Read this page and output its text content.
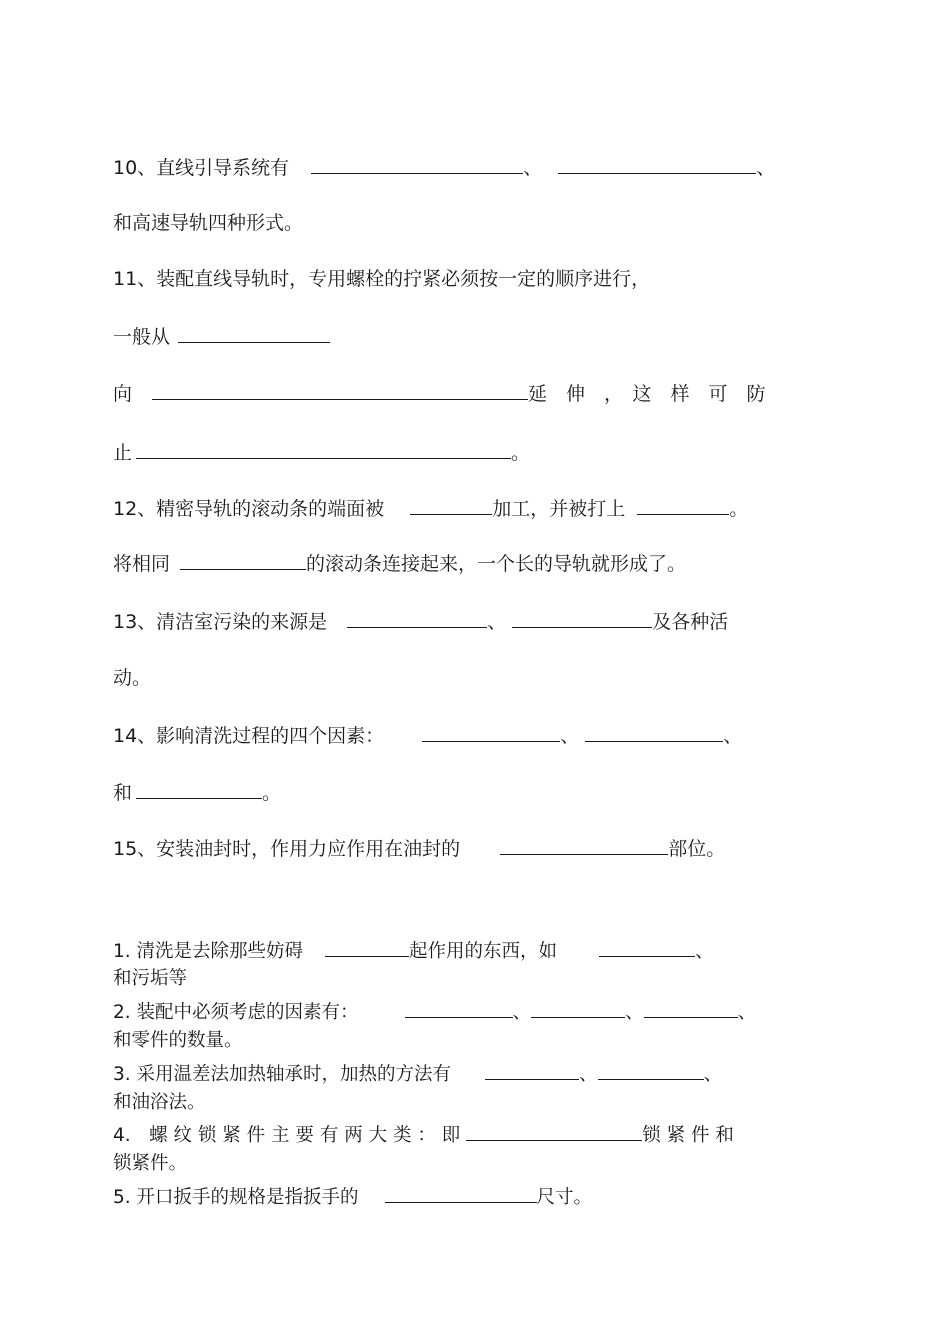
10、直线引导系统有	、	、
和高速导轨四种形式。
11、装配直线导轨时，专用螺栓的拧紧必须按一定的顺序进行，
一般从
向	延　伸　，　这　样　可　防
止	。
12、精密导轨的滚动条的端面被	加工，并被打上	。
将相同	的滚动条连接起来，一个长的导轨就形成了。
13、清洁室污染的来源是	、	及各种活
动。
14、影响清洗过程的四个因素：	、	、
和	。
15、安装油封时，作用力应作用在油封的	部位。
1. 清洗是去除那些妨碍	起作用的东西，如	、
和污垢等
2. 装配中必须考虑的因素有：	、	、	、
和零件的数量。
3. 采用温差法加热轴承时，加热的方法有	、	、
和油浴法。
4.　螺 纹 锁 紧 件 主 要 有 两 大 类 ： 即	锁 紧 件 和
锁紧件。
5. 开口扳手的规格是指扳手的	尺寸。
